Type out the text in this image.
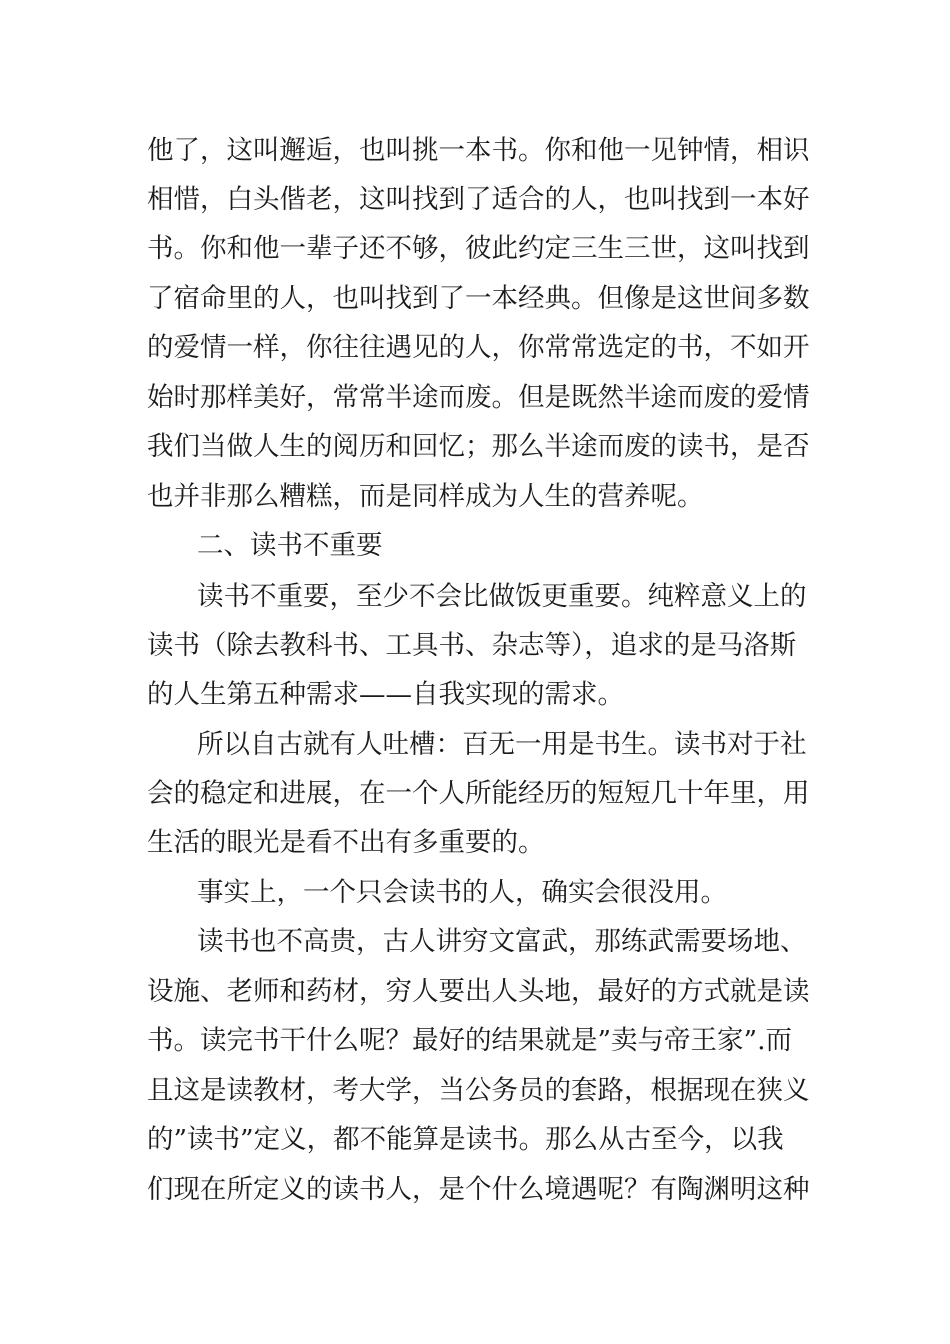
他了，这叫邂逅，也叫挑一本书。你和他一见钟情，相识
相惜，白头偕老，这叫找到了适合的人，也叫找到一本好
书。你和他一辈子还不够，彼此约定三生三世，这叫找到
了宿命里的人，也叫找到了一本经典。但像是这世间多数
的爱情一样，你往往遇见的人，你常常选定的书，不如开
始时那样美好，常常半途而废。但是既然半途而废的爱情
我们当做人生的阅历和回忆；那么半途而废的读书，是否
也并非那么糟糕，而是同样成为人生的营养呢。
二、读书不重要
读书不重要，至少不会比做饭更重要。纯粹意义上的
读书（除去教科书、工具书、杂志等），追求的是马洛斯
的人生第五种需求——自我实现的需求。
所以自古就有人吐槽：百无一用是书生。读书对于社
会的稳定和进展，在一个人所能经历的短短几十年里，用
生活的眼光是看不出有多重要的。
事实上，一个只会读书的人，确实会很没用。
读书也不高贵，古人讲穷文富武，那练武需要场地、
设施、老师和药材，穷人要出人头地，最好的方式就是读
书。读完书干什么呢？最好的结果就是”卖与帝王家”.而
且这是读教材，考大学，当公务员的套路，根据现在狭义
的”读书”定义，都不能算是读书。那么从古至今，以我
们现在所定义的读书人，是个什么境遇呢？有陶渊明这种
